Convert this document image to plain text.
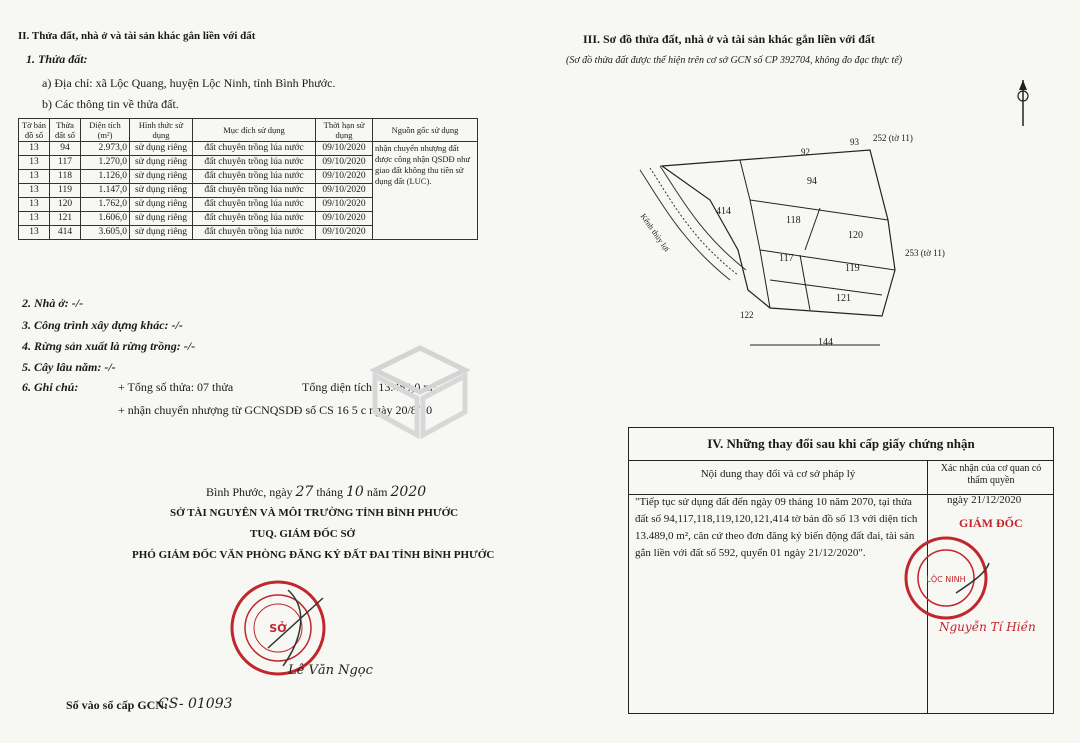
II. Thửa đất, nhà ở và tài sản khác gắn liền với đất
1. Thửa đất:
a) Địa chỉ: xã Lộc Quang, huyện Lộc Ninh, tỉnh Bình Phước.
b) Các thông tin về thửa đất.
Tờ bản đồ số	Thửa đất số	Diện tích (m²)	Hình thức sử dụng	Mục đích sử dụng	Thời hạn sử dụng	Nguồn gốc sử dụng
13	94	2.973,0	sử dụng riêng	đất chuyên trồng lúa nước	09/10/2020	nhận chuyển nhượng đất được công nhận QSDĐ như giao đất không thu tiền sử dụng đất (LUC).
13	117	1.270,0	sử dụng riêng	đất chuyên trồng lúa nước	09/10/2020	
13	118	1.126,0	sử dụng riêng	đất chuyên trồng lúa nước	09/10/2020	
13	119	1.147,0	sử dụng riêng	đất chuyên trồng lúa nước	09/10/2020	
13	120	1.762,0	sử dụng riêng	đất chuyên trồng lúa nước	09/10/2020	
13	121	1.606,0	sử dụng riêng	đất chuyên trồng lúa nước	09/10/2020	
13	414	3.605,0	sử dụng riêng	đất chuyên trồng lúa nước	09/10/2020	
2. Nhà ở: -/-
3. Công trình xây dựng khác: -/-
4. Rừng sản xuất là rừng trồng: -/-
5. Cây lâu năm: -/-
6. Ghi chú:	+ Tổng số thửa: 07 thửa	Tổng diện tích: 13.489,0 m²
+ nhận chuyển nhượng từ GCNQSDĐ số CS 16 5 c ngày 20/8/20
Bình Phước, ngày 27 tháng 10 năm 2020
SỞ TÀI NGUYÊN VÀ MÔI TRƯỜNG TỈNH BÌNH PHƯỚC
TUQ. GIÁM ĐỐC SỞ
PHÓ GIÁM ĐỐC VĂN PHÒNG ĐĂNG KÝ ĐẤT ĐAI TỈNH BÌNH PHƯỚC
SỞ
Lê Văn Ngọc
Số vào sổ cấp GCN:
CS- 01093
III. Sơ đồ thửa đất, nhà ở và tài sản khác gắn liền với đất
(Sơ đồ thửa đất được thể hiện trên cơ sở GCN số CP 392704, không đo đạc thực tế)
92
93 252 (tờ 11)
94
414
118
120
253 (tờ 11)
117
119
121
122
144
Kênh thủy lợi
IV. Những thay đổi sau khi cấp giấy chứng nhận
Nội dung thay đổi và cơ sở pháp lý	Xác nhận của cơ quan có thẩm quyền
"Tiếp tục sử dụng đất đến ngày 09 tháng 10 năm 2070, tại thửa đất số 94,117,118,119,120,121,414 tờ bản đồ số 13 với diện tích 13.489,0 m², căn cứ theo đơn đăng ký biến động đất đai, tài sản gắn liền với đất số 592, quyển 01 ngày 21/12/2020".
ngày 21/12/2020
GIÁM ĐỐC
LỘC NINH
Nguyễn Tí Hiền
